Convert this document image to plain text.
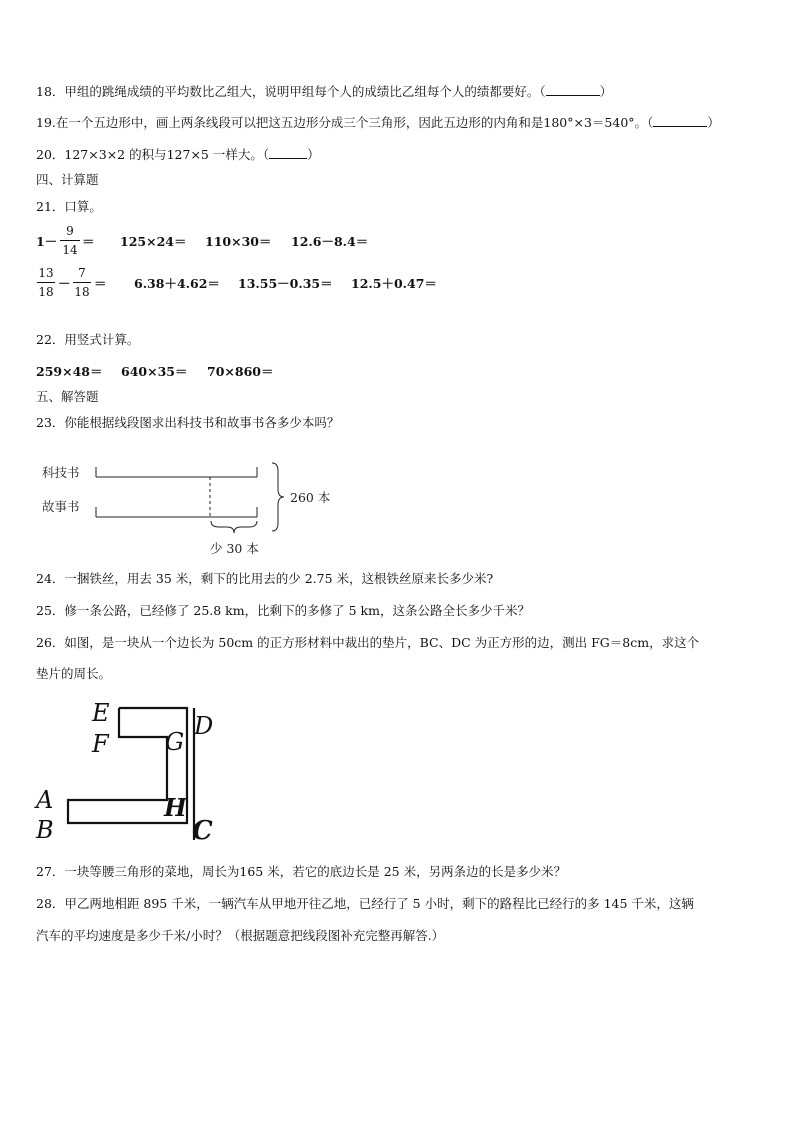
18．甲组的跳绳成绩的平均数比乙组大，说明甲组每个人的成绩比乙组每个人的绩都要好。（	）
19.在一个五边形中，画上两条线段可以把这五边形分成三个三角形，因此五边形的内角和是180°×3＝540°。（	）
20．127×3×2 的积与127×5 一样大。（	）
四、计算题
21．口算。
1－
9
14
＝ 125×24＝ 110×30＝ 12.6－8.4＝
13
18
－
7
18
＝ 6.38＋4.62＝ 13.55－0.35＝ 12.5＋0.47＝
22．用竖式计算。
259×48＝ 640×35＝ 70×860＝
五、解答题
23．你能根据线段图求出科技书和故事书各多少本吗？
科技书
故事书
260 本
少 30 本
24．一捆铁丝，用去 35 米，剩下的比用去的少 2.75 米，这根铁丝原来长多少米?
25．修一条公路，已经修了 25.8 km，比剩下的多修了 5 km，这条公路全长多少千米？
26．如图，是一块从一个边长为 50cm 的正方形材料中裁出的垫片，BC、DC 为正方形的边，测出 FG＝8cm，求这个
垫片的周长。
E
F G
D
A
B
H
C
27．一块等腰三角形的菜地，周长为165 米，若它的底边长是 25 米，另两条边的长是多少米？
28．甲乙两地相距 895 千米，一辆汽车从甲地开往乙地，已经行了 5 小时，剩下的路程比已经行的多 145 千米，这辆
汽车的平均速度是多少千米/小时？（根据题意把线段图补充完整再解答.）
